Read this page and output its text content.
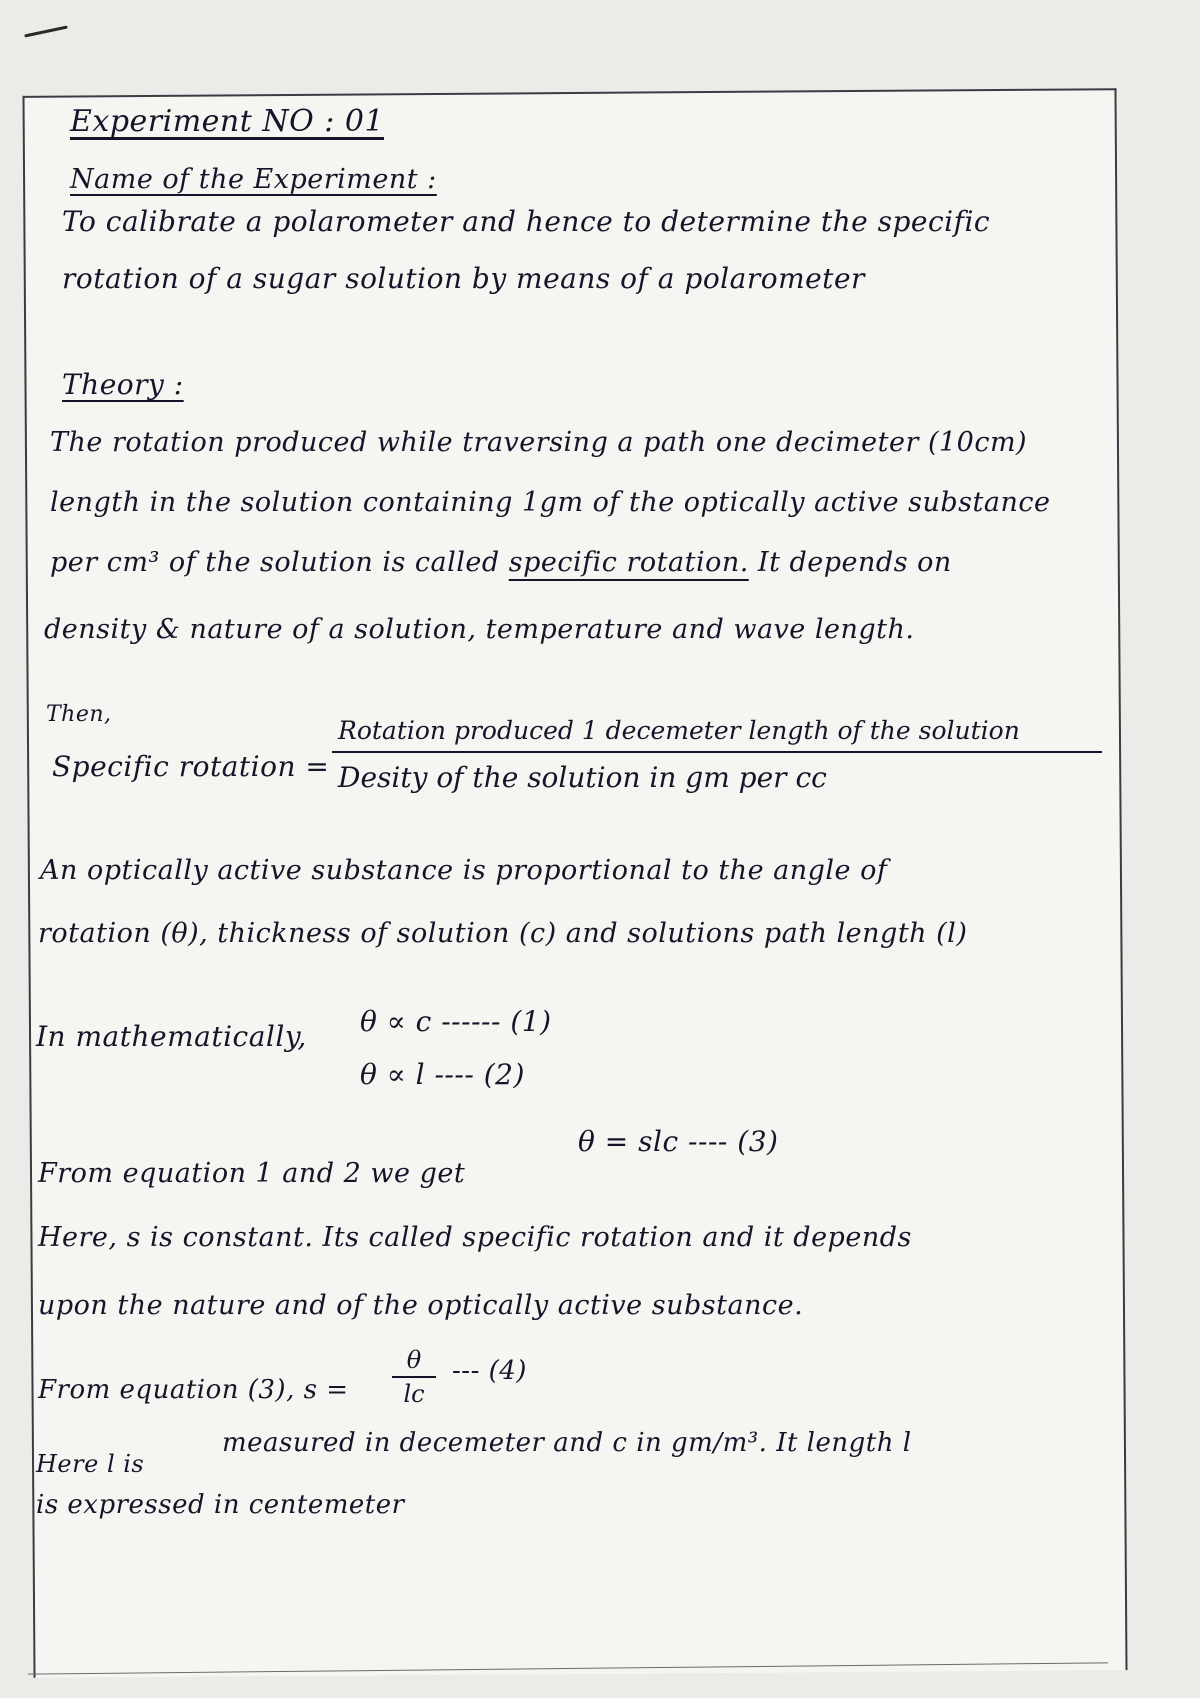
Experiment NO : 01
Name of the Experiment :
To calibrate a polarometer and hence to determine the specific
rotation of a sugar solution by means of a polarometer
Theory :
The rotation produced while traversing a path one decimeter (10cm)
length in the solution containing 1gm of the optically active substance
per cm³ of the solution is called specific rotation. It depends on
density & nature of a solution, temperature and wave length.
Then,
Specific rotation =
Rotation produced 1 decemeter length of the solution
Desity of the solution in gm per cc
An optically active substance is proportional to the angle of
rotation (θ), thickness of solution (c) and solutions path length (l)
In mathematically, θ ∝ c ------ (1)
θ ∝ l ---- (2)
From equation 1 and 2 we get
θ = slc ---- (3)
Here, s is constant. Its called specific rotation and it depends
upon the nature and of the optically active substance.
From equation (3), s =
θ
lc
--- (4)
Here l is
measured in decemeter and c in gm/m³. It length l
is expressed in centemeter
